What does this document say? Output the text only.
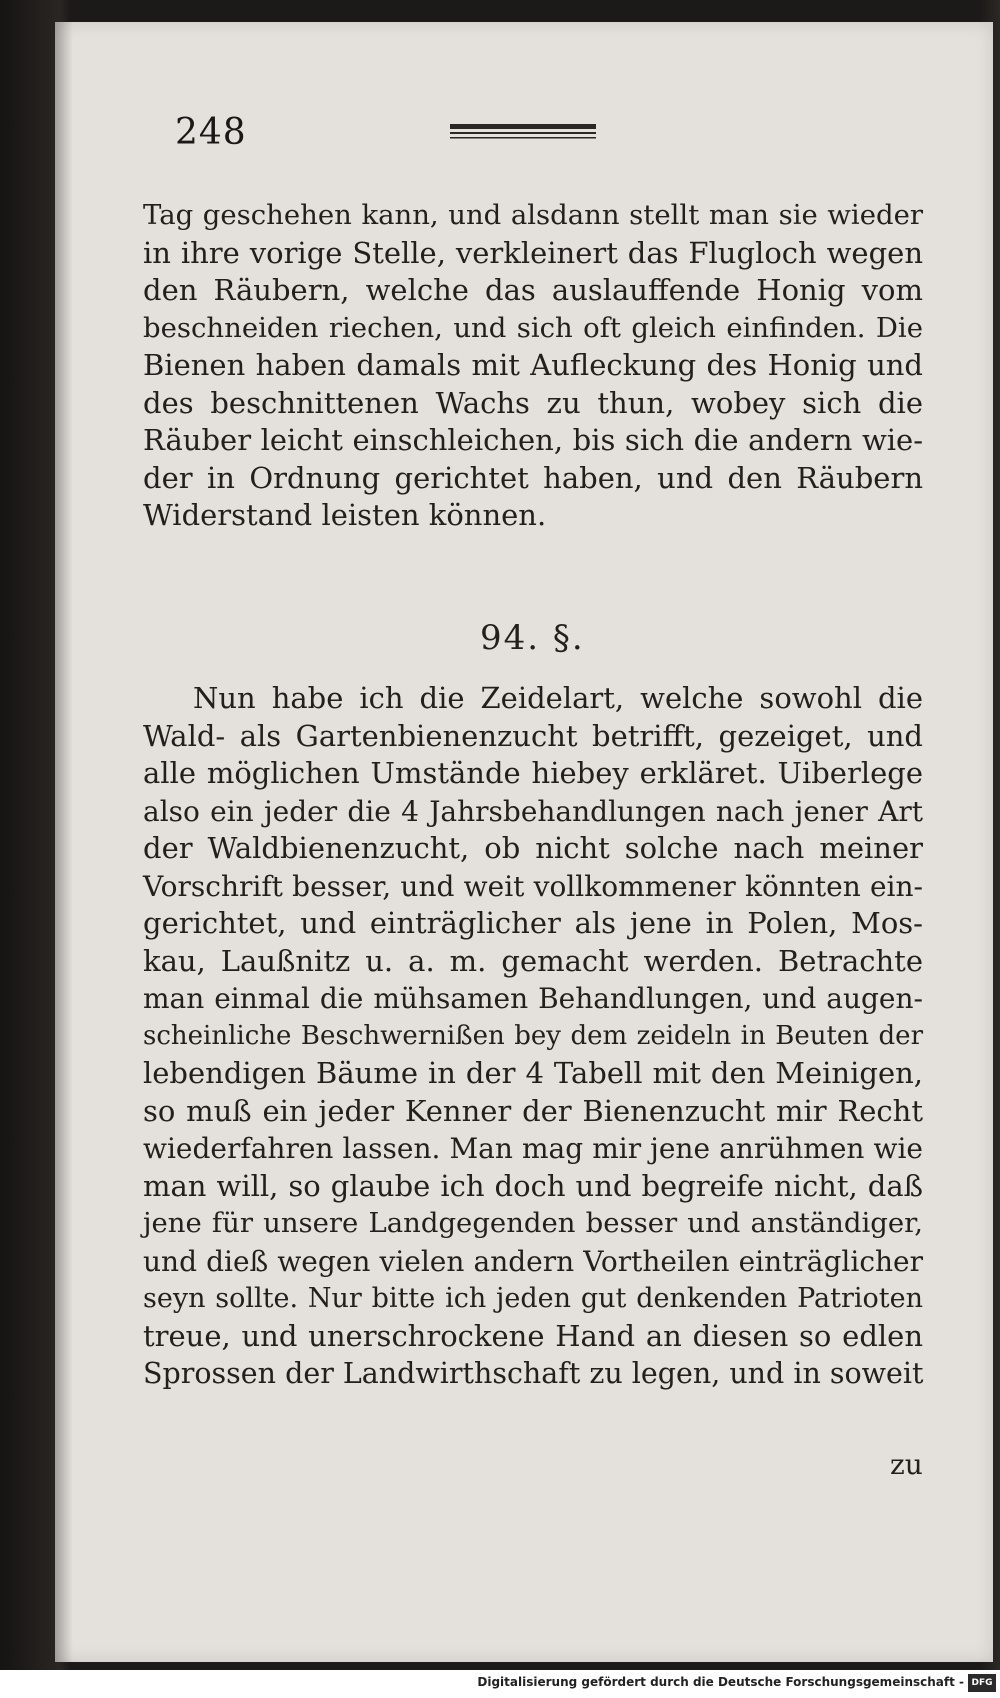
248
Tag geschehen kann, und alsdann stellt man sie wieder
in ihre vorige Stelle, verkleinert das Flugloch wegen
den Räubern, welche das auslauffende Honig vom
beschneiden riechen, und sich oft gleich einfinden. Die
Bienen haben damals mit Aufleckung des Honig und
des beschnittenen Wachs zu thun, wobey sich die
Räuber leicht einschleichen, bis sich die andern wie-
der in Ordnung gerichtet haben, und den Räubern
Widerstand leisten können.
94. §.
Nun habe ich die Zeidelart, welche sowohl die
Wald- als Gartenbienenzucht betrifft, gezeiget, und
alle möglichen Umstände hiebey erkläret. Uiberlege
also ein jeder die 4 Jahrsbehandlungen nach jener Art
der Waldbienenzucht, ob nicht solche nach meiner
Vorschrift besser, und weit vollkommener könnten ein-
gerichtet, und einträglicher als jene in Polen, Mos-
kau, Laußnitz u. a. m. gemacht werden. Betrachte
man einmal die mühsamen Behandlungen, und augen-
scheinliche Beschwernißen bey dem zeideln in Beuten der
lebendigen Bäume in der 4 Tabell mit den Meinigen,
so muß ein jeder Kenner der Bienenzucht mir Recht
wiederfahren lassen. Man mag mir jene anrühmen wie
man will, so glaube ich doch und begreife nicht, daß
jene für unsere Landgegenden besser und anständiger,
und dieß wegen vielen andern Vortheilen einträglicher
seyn sollte. Nur bitte ich jeden gut denkenden Patrioten
treue, und unerschrockene Hand an diesen so edlen
Sprossen der Landwirthschaft zu legen, und in soweit
zu
Digitalisierung gefördert durch die Deutsche Forschungsgemeinschaft - DFG
